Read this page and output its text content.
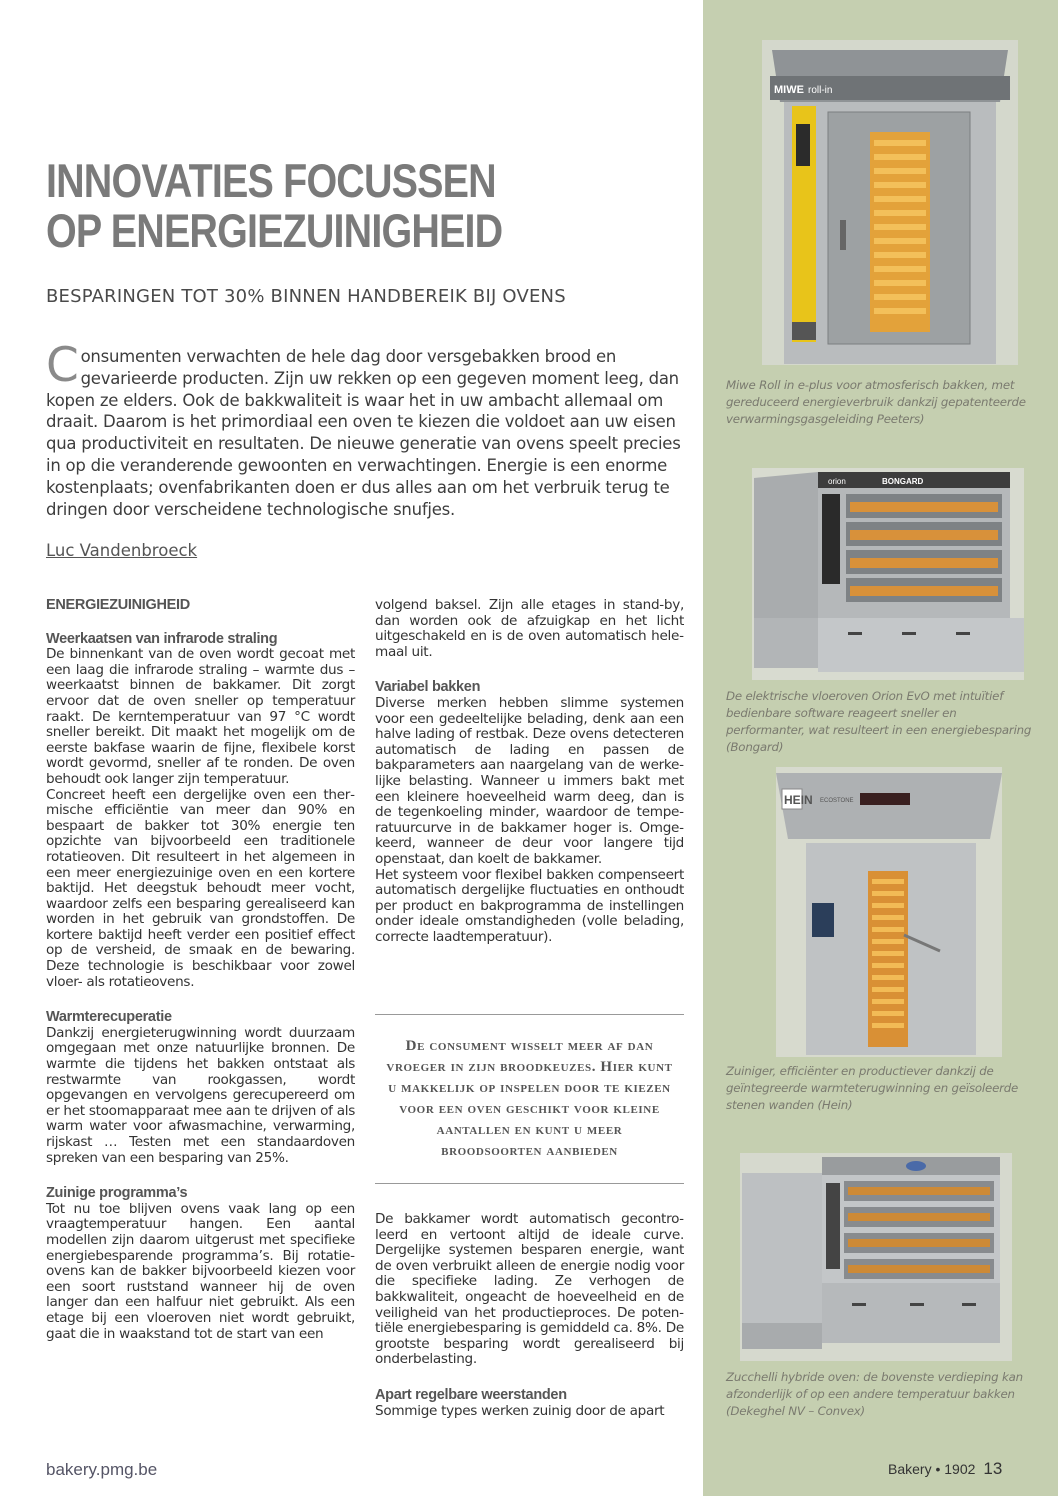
INNOVATIES FOCUSSEN
OP ENERGIEZUINIGHEID
BESPARINGEN TOT 30% BINNEN HANDBEREIK BIJ OVENS
Consumenten verwachten de hele dag door versgebakken brood en gevarieerde producten. Zijn uw rekken op een gegeven moment leeg, dan kopen ze elders. Ook de bakkwaliteit is waar het in uw ambacht allemaal om draait. Daarom is het primordiaal een oven te kiezen die voldoet aan uw eisen qua productiviteit en resultaten. De nieuwe generatie van ovens speelt precies in op die veranderende gewoonten en verwachtingen. Energie is een enorme kostenplaats; ovenfabrikanten doen er dus alles aan om het verbruik terug te dringen door verscheidene technologische snufjes.
Luc Vandenbroeck
ENERGIEZUINIGHEID
Weerkaatsen van infrarode straling

De binnenkant van de oven wordt gecoat met een laag die infrarode straling – warmte dus – weerkaatst binnen de bakkamer. Dit zorgt ervoor dat de oven sneller op temperatuur raakt. De kerntemperatuur van 97 °C wordt sneller bereikt. Dit maakt het mogelijk om de eerste bakfase waarin de fijne, flexibele korst wordt gevormd, sneller af te ronden. De oven behoudt ook langer zijn temperatuur.

Concreet heeft een dergelijke oven een thermische efficiëntie van meer dan 90% en bespaart de bakker tot 30% energie ten opzichte van bijvoorbeeld een traditionele rotatieoven. Dit resulteert in het algemeen in een meer energiezuinige oven en een kortere baktijd. Het deegstuk behoudt meer vocht, waardoor zelfs een besparing gerealiseerd kan worden in het gebruik van grondstoffen. De kortere baktijd heeft verder een positief effect op de versheid, de smaak en de bewaring. Deze technologie is beschikbaar voor zowel vloer- als rotatieovens.

Warmterecuperatie

Dankzij energieterugwinning wordt duurzaam omgegaan met onze natuurlijke bronnen. De warmte die tijdens het bakken ontstaat als restwarmte van rookgassen, wordt opgevangen en vervolgens gerecupereerd om er het stoomapparaat mee aan te drijven of als warm water voor afwasmachine, verwarming, rijskast … Testen met een standaardoven spreken van een besparing van 25%.

Zuinige programma’s

Tot nu toe blijven ovens vaak lang op een vraagtemperatuur hangen. Een aantal modellen zijn daarom uitgerust met specifieke energiebesparende programma’s. Bij rotatieovens kan de bakker bijvoorbeeld kiezen voor een soort ruststand wanneer hij de oven langer dan een halfuur niet gebruikt. Als een etage bij een vloeroven niet wordt gebruikt, gaat die in waakstand tot de start van een

volgend baksel. Zijn alle etages in stand-by, dan worden ook de afzuigkap en het licht uitgeschakeld en is de oven automatisch helemaal uit.

Variabel bakken

Diverse merken hebben slimme systemen voor een gedeeltelijke belading, denk aan een halve lading of restbak. Deze ovens detecteren automatisch de lading en passen de bakparameters aan naargelang van de werkelijke belasting. Wanneer u immers bakt met een kleinere hoeveelheid warm deeg, dan is de tegenkoeling minder, waardoor de temperatuurcurve in de bakkamer hoger is. Omgekeerd, wanneer de deur voor langere tijd openstaat, dan koelt de bakkamer.

Het systeem voor flexibel bakken compenseert automatisch dergelijke fluctuaties en onthoudt per product en bakprogramma de instellingen onder ideale omstandigheden (volle belading, correcte laadtemperatuur).

De consument wisselt meer af dan vroeger in zijn broodkeuzes. Hier kunt u makkelijk op inspelen door te kiezen voor een oven geschikt voor kleine aantallen en kunt u meer broodsoorten aanbieden

De bakkamer wordt automatisch gecontroleerd en vertoont altijd de ideale curve. Dergelijke systemen besparen energie, want de oven verbruikt alleen de energie nodig voor die specifieke lading. Ze verhogen de bakkwaliteit, ongeacht de hoeveelheid en de veiligheid van het productieproces. De potentiële energiebesparing is gemiddeld ca. 8%. De grootste besparing wordt gerealiseerd bij onderbelasting.

Apart regelbare weerstanden

Sommige types werken zuinig door de apart

MIWE roll-in
Miwe Roll in e-plus voor atmosferisch bakken, met gereduceerd energieverbruik dankzij gepatenteerde verwarmingsgasgeleiding Peeters)
orion	BONGARD
De elektrische vloeroven Orion EvO met intuïtief bedienbare software reageert sneller en performanter, wat resulteert in een energiebesparing (Bongard)
HEIN ECOSTONE
Zuiniger, efficiënter en productiever dankzij de geïntegreerde warmteterugwinning en geïsoleerde stenen wanden (Hein)
Zucchelli hybride oven: de bovenste verdieping kan afzonderlijk of op een andere temperatuur bakken (Dekeghel NV – Convex)
bakery.pmg.be	Bakery • 1902 13
